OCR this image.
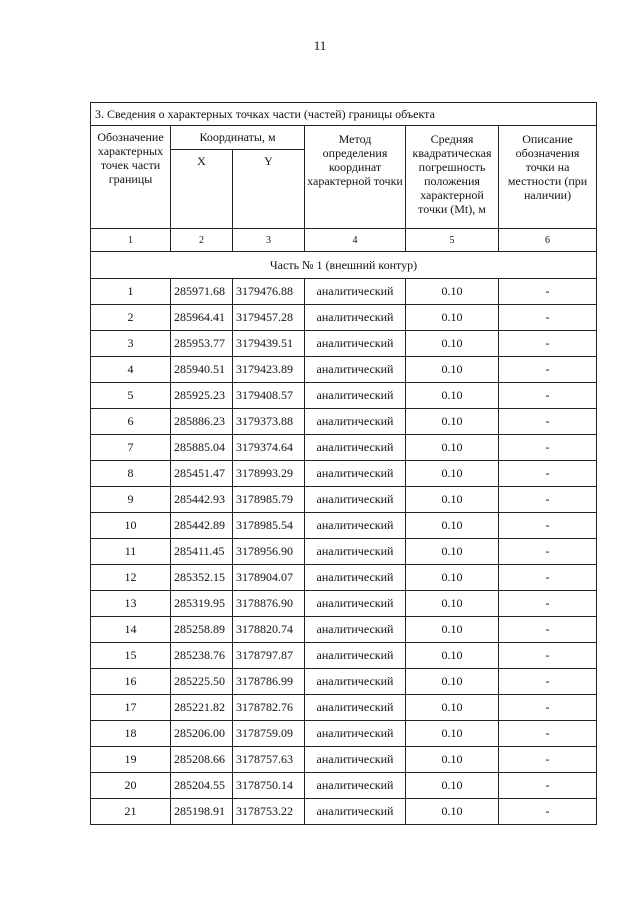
11
3. Сведения о характерных точках части (частей) границы объекта					
Обозначение характерных точек части границы	Координаты, м		Метод определения координат характерной точки	Средняя квадратическая погрешность положения характерной точки (Mt), м	Описание обозначения точки на местности (при наличии)
	X	Y			
1	2	3	4	5	6
Часть № 1 (внешний контур)					
1	285971.68	3179476.88	аналитический	0.10	-
2	285964.41	3179457.28	аналитический	0.10	-
3	285953.77	3179439.51	аналитический	0.10	-
4	285940.51	3179423.89	аналитический	0.10	-
5	285925.23	3179408.57	аналитический	0.10	-
6	285886.23	3179373.88	аналитический	0.10	-
7	285885.04	3179374.64	аналитический	0.10	-
8	285451.47	3178993.29	аналитический	0.10	-
9	285442.93	3178985.79	аналитический	0.10	-
10	285442.89	3178985.54	аналитический	0.10	-
11	285411.45	3178956.90	аналитический	0.10	-
12	285352.15	3178904.07	аналитический	0.10	-
13	285319.95	3178876.90	аналитический	0.10	-
14	285258.89	3178820.74	аналитический	0.10	-
15	285238.76	3178797.87	аналитический	0.10	-
16	285225.50	3178786.99	аналитический	0.10	-
17	285221.82	3178782.76	аналитический	0.10	-
18	285206.00	3178759.09	аналитический	0.10	-
19	285208.66	3178757.63	аналитический	0.10	-
20	285204.55	3178750.14	аналитический	0.10	-
21	285198.91	3178753.22	аналитический	0.10	-
